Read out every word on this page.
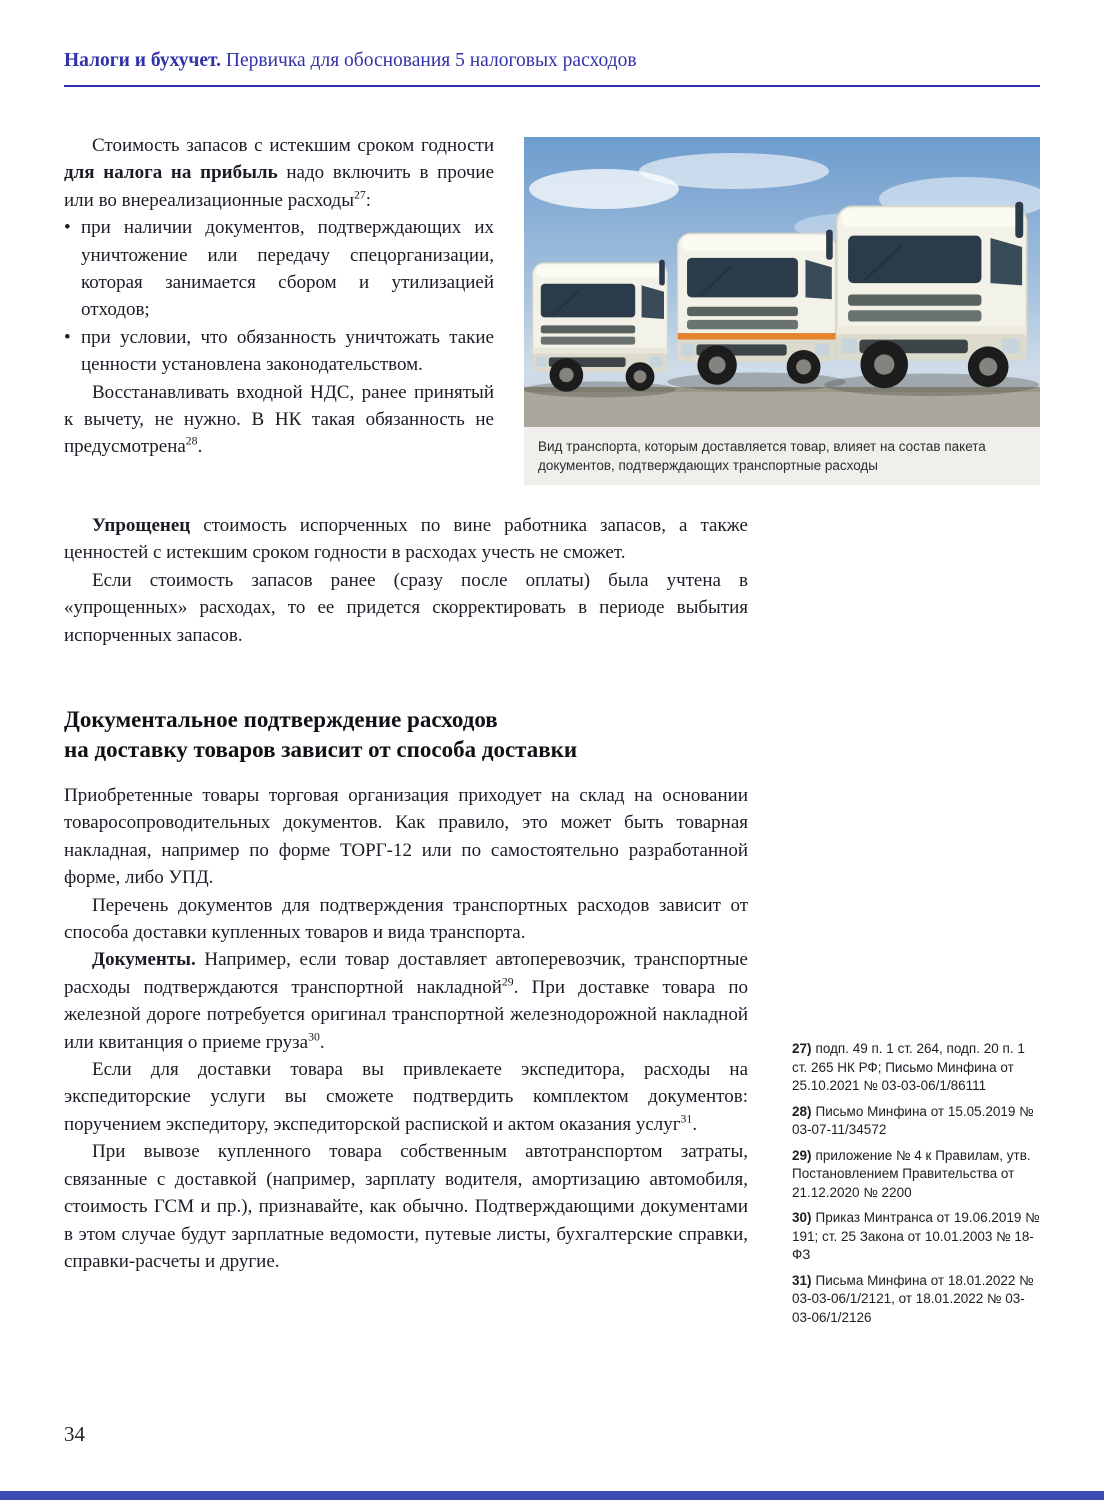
Налоги и бухучет. Первичка для обоснования 5 налоговых расходов

Стоимость запасов с истекшим сроком годности для налога на прибыль надо включить в прочие или во внереализационные расходы$^{27}$:

• при наличии документов, подтверждающих их уничтожение или передачу спецорганизации, которая занимается сбором и утилизацией отходов;
• при условии, что обязанность уничтожать такие ценности установлена законодательством.

Восстанавливать входной НДС, ранее принятый к вычету, не нужно. В НК такая обязанность не предусмотрена$^{28}$.	Вид транспорта, которым доставляется товар, влияет на состав пакета документов, подтверждающих транспортные расходы

Упрощенец стоимость испорченных по вине работника запасов, а также ценностей с истекшим сроком годности в расходах учесть не сможет.

Если стоимость запасов ранее (сразу после оплаты) была учтена в «упрощенных» расходах, то ее придется скорректировать в периоде выбытия испорченных запасов.

Документальное подтверждение расходов
на доставку товаров зависит от способа доставки

Приобретенные товары торговая организация приходует на склад на основании товаросопроводительных документов. Как правило, это может быть товарная накладная, например по форме ТОРГ-12 или по самостоятельно разработанной форме, либо УПД.

Перечень документов для подтверждения транспортных расходов зависит от способа доставки купленных товаров и вида транспорта.

Документы. Например, если товар доставляет автоперевозчик, транспортные расходы подтверждаются транспортной накладной$^{29}$. При доставке товара по железной дороге потребуется оригинал транспортной железнодорожной накладной или квитанция о приеме груза$^{30}$.

Если для доставки товара вы привлекаете экспедитора, расходы на экспедиторские услуги вы сможете подтвердить комплектом документов: поручением экспедитору, экспедиторской распиской и актом оказания услуг$^{31}$.

При вывозе купленного товара собственным автотранспортом затраты, связанные с доставкой (например, зарплату водителя, амортизацию автомобиля, стоимость ГСМ и пр.), признавайте, как обычно. Подтверждающими документами в этом случае будут зарплатные ведомости, путевые листы, бухгалтерские справки, справки-расчеты и другие.

27) подп. 49 п. 1 ст. 264, подп. 20 п. 1 ст. 265 НК РФ; Письмо Минфина от 25.10.2021 № 03-03-06/1/86111
28) Письмо Минфина от 15.05.2019 № 03-07-11/34572
29) приложение № 4 к Правилам, утв. Постановлением Правительства от 21.12.2020 № 2200
30) Приказ Минтранса от 19.06.2019 № 191; ст. 25 Закона от 10.01.2003 № 18-ФЗ
31) Письма Минфина от 18.01.2022 № 03-03-06/1/2121, от 18.01.2022 № 03-03-06/1/2126
34
